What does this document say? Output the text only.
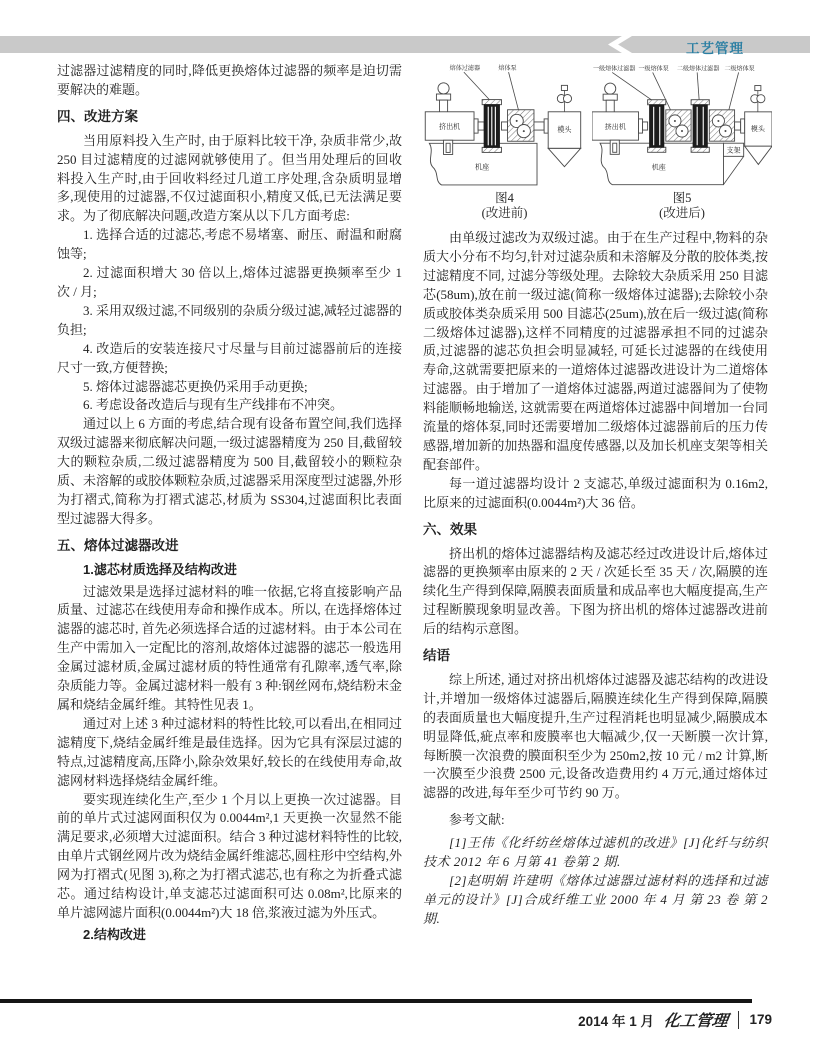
工艺管理

过滤器过滤精度的同时,降低更换熔体过滤器的频率是迫切需要解决的难题。

四、改进方案

当用原料投入生产时, 由于原料比较干净, 杂质非常少,故 250 目过滤精度的过滤网就够使用了。但当用处理后的回收料投入生产时,由于回收料经过几道工序处理,含杂质明显增多,现使用的过滤器,不仅过滤面积小,精度又低,已无法满足要求。为了彻底解决问题,改造方案从以下几方面考虑:

1. 选择合适的过滤芯,考虑不易堵塞、耐压、耐温和耐腐蚀等;

2. 过滤面积增大 30 倍以上,熔体过滤器更换频率至少 1 次 / 月;

3. 采用双级过滤,不同级别的杂质分级过滤,减轻过滤器的负担;

4. 改造后的安装连接尺寸尽量与目前过滤器前后的连接尺寸一致,方便替换;

5. 熔体过滤器滤芯更换仍采用手动更换;

6. 考虑设备改造后与现有生产线排布不冲突。

通过以上 6 方面的考虑,结合现有设备布置空间,我们选择双级过滤器来彻底解决问题,一级过滤器精度为 250 目,截留较大的颗粒杂质,二级过滤器精度为 500 目,截留较小的颗粒杂质、未溶解的或胶体颗粒杂质,过滤器采用深度型过滤器,外形为打褶式,简称为打褶式滤芯,材质为 SS304,过滤面积比表面型过滤器大得多。

五、熔体过滤器改进
1.滤芯材质选择及结构改进

过滤效果是选择过滤材料的唯一依据,它将直接影响产品质量、过滤芯在线使用寿命和操作成本。所以, 在选择熔体过滤器的滤芯时, 首先必须选择合适的过滤材料。由于本公司在生产中需加入一定配比的溶剂,故熔体过滤器的滤芯一般选用金属过滤材质,金属过滤材质的特性通常有孔隙率,透气率,除杂质能力等。金属过滤材料一般有 3 种:钢丝网布,烧结粉末金属和烧结金属纤维。其特性见表 1。

通过对上述 3 种过滤材料的特性比较,可以看出,在相同过滤精度下,烧结金属纤维是最佳选择。因为它具有深层过滤的特点,过滤精度高,压降小,除杂效果好,较长的在线使用寿命,故滤网材料选择烧结金属纤维。

要实现连续化生产,至少 1 个月以上更换一次过滤器。目前的单片式过滤网面积仅为 0.0044m²,1 天更换一次显然不能满足要求,必须增大过滤面积。结合 3 种过滤材料特性的比较,由单片式钢丝网片改为烧结金属纤维滤芯,圆柱形中空结构,外网为打褶式(见图 3),称之为打褶式滤芯,也有称之为折叠式滤芯。通过结构设计,单支滤芯过滤面积可达 0.08m²,比原来的单片滤网滤片面积(0.0044m²)大 18 倍,浆液过滤为外压式。

2.结构改进
机座
熔体过滤器	熔体泵
挤出机	模头
图4
(改进前)
机座
支架
一级熔体过滤器 一级熔体泵 二级熔体过滤器 二级熔体泵
挤出机	模头
图5
(改进后)

由单级过滤改为双级过滤。由于在生产过程中,物料的杂质大小分布不均匀,针对过滤杂质和未溶解及分散的胶体类,按过滤精度不同, 过滤分等级处理。去除较大杂质采用 250 目滤芯(58um),放在前一级过滤(简称一级熔体过滤器);去除较小杂质或胶体类杂质采用 500 目滤芯(25um),放在后一级过滤(简称二级熔体过滤器),这样不同精度的过滤器承担不同的过滤杂质,过滤器的滤芯负担会明显减轻, 可延长过滤器的在线使用寿命,这就需要把原来的一道熔体过滤器改进设计为二道熔体过滤器。由于增加了一道熔体过滤器,两道过滤器间为了使物料能顺畅地输送, 这就需要在两道熔体过滤器中间增加一台同流量的熔体泵,同时还需要增加二级熔体过滤器前后的压力传感器,增加新的加热器和温度传感器,以及加长机座支架等相关配套部件。

每一道过滤器均设计 2 支滤芯,单级过滤面积为 0.16m2,比原来的过滤面积(0.0044m²)大 36 倍。

六、效果

挤出机的熔体过滤器结构及滤芯经过改进设计后,熔体过滤器的更换频率由原来的 2 天 / 次延长至 35 天 / 次,隔膜的连续化生产得到保障,隔膜表面质量和成品率也大幅度提高,生产过程断膜现象明显改善。下图为挤出机的熔体过滤器改进前后的结构示意图。

结语

综上所述, 通过对挤出机熔体过滤器及滤芯结构的改进设计,并增加一级熔体过滤器后,隔膜连续化生产得到保障,隔膜的表面质量也大幅度提升,生产过程消耗也明显减少,隔膜成本明显降低,疵点率和废膜率也大幅减少,仅一天断膜一次计算,每断膜一次浪费的膜面积至少为 250m2,按 10 元 / m2 计算,断一次膜至少浪费 2500 元,设备改造费用约 4 万元,通过熔体过滤器的改进,每年至少可节约 90 万。

参考文献:

[1]王伟《化纤纺丝熔体过滤机的改进》[J]化纤与纺织技术 2012 年 6 月第 41 卷第 2 期.

[2]赵明娟 许建明《熔体过滤器过滤材料的选择和过滤单元的设计》[J]合成纤维工业 2000 年 4 月 第 23 卷 第 2 期.

2014 年 1 月 化工管理 179
